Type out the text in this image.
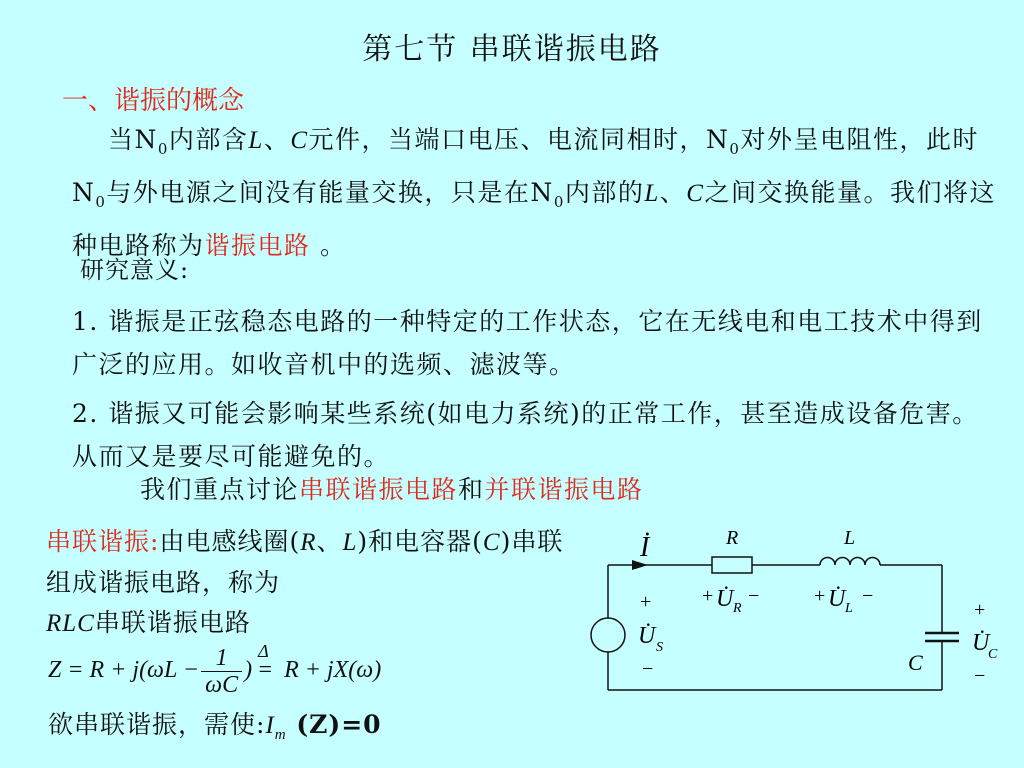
第七节 串联谐振电路
一、谐振的概念
  当$N_0$内部含L、C元件，当端口电压、电流同相时，$N_0$对外呈电阻性，此时$N_0$与外电源之间没有能量交换，只是在$N_0$内部的L、C之间交换能量。我们将这种电路称为谐振电路 。
研究意义:
1. 谐振是正弦稳态电路的一种特定的工作状态，它在无线电和电工技术中得到广泛的应用。如收音机中的选频、滤波等。
2. 谐振又可能会影响某些系统(如电力系统)的正常工作，甚至造成设备危害。从而又是要尽可能避免的。
我们重点讨论串联谐振电路和并联谐振电路
串联谐振:由电感线圈(R、L)和电容器(C)串联组成谐振电路，称为
RLC串联谐振电路
$Z = R + j(\omega L - \frac{1}{\omega C}$ )
Δ
= R + jX(ω)
欲串联谐振，需使$:I_m$ (Z)=0
İ
+
U̇ S
−
R
+ U̇ R
−
L
+ U̇ L
−
C
+
U̇
C
−
